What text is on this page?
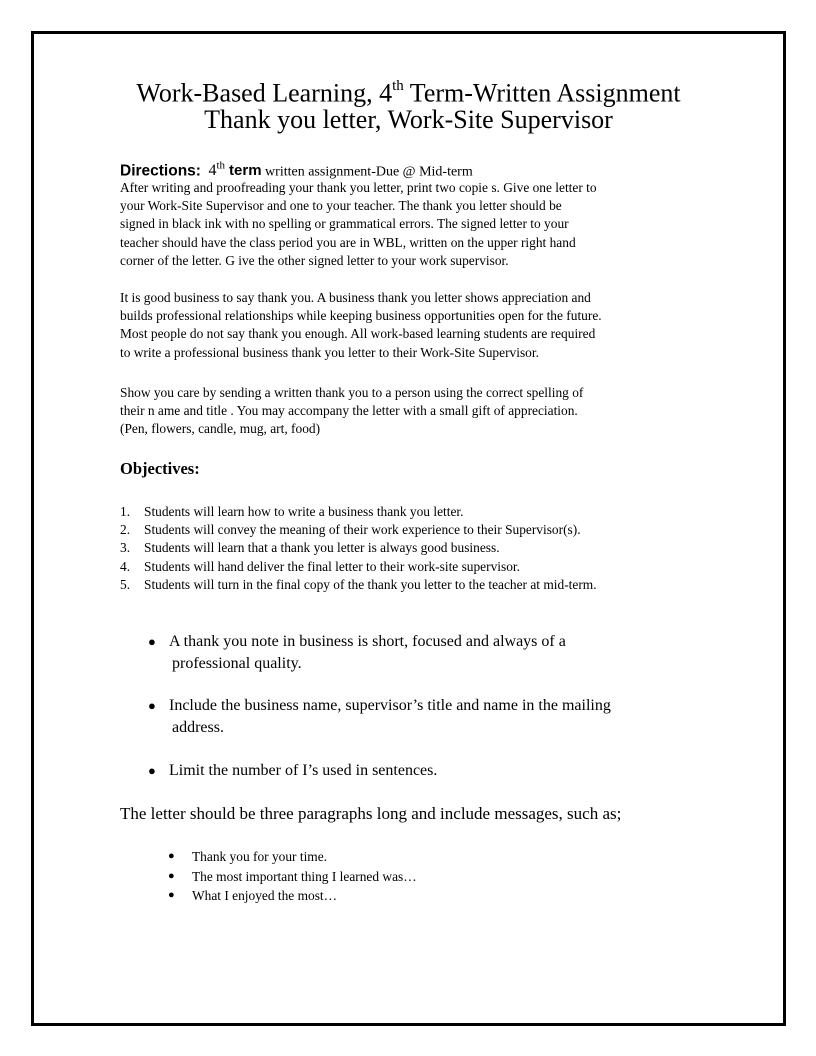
Work-Based Learning, 4th Term-Written Assignment
Thank you letter, Work-Site Supervisor
Directions: 4th term written assignment-Due @ Mid-term
After writing and proofreading your thank you letter, print two copie s. Give one letter to
your Work-Site Supervisor and one to your teacher. The thank you letter should be
signed in black ink with no spelling or grammatical errors. The signed letter to your
teacher should have the class period you are in WBL, written on the upper right hand
corner of the letter. G ive the other signed letter to your work supervisor.
It is good business to say thank you. A business thank you letter shows appreciation and
builds professional relationships while keeping business opportunities open for the future.
Most people do not say thank you enough. All work-based learning students are required
to write a professional business thank you letter to their Work-Site Supervisor.
Show you care by sending a written thank you to a person using the correct spelling of
their n ame and title . You may accompany the letter with a small gift of appreciation.
(Pen, flowers, candle, mug, art, food)
Objectives:
1. Students will learn how to write a business thank you letter.
2. Students will convey the meaning of their work experience to their Supervisor(s).
3. Students will learn that a thank you letter is always good business.
4. Students will hand deliver the final letter to their work-site supervisor.
5. Students will turn in the final copy of the thank you letter to the teacher at mid-term.
● A thank you note in business is short, focused and always of a
professional quality.
● Include the business name, supervisor’s title and name in the mailing
address.
● Limit the number of I’s used in sentences.

The letter should be three paragraphs long and include messages, such as;

● Thank you for your time.
● The most important thing I learned was…
● What I enjoyed the most…
